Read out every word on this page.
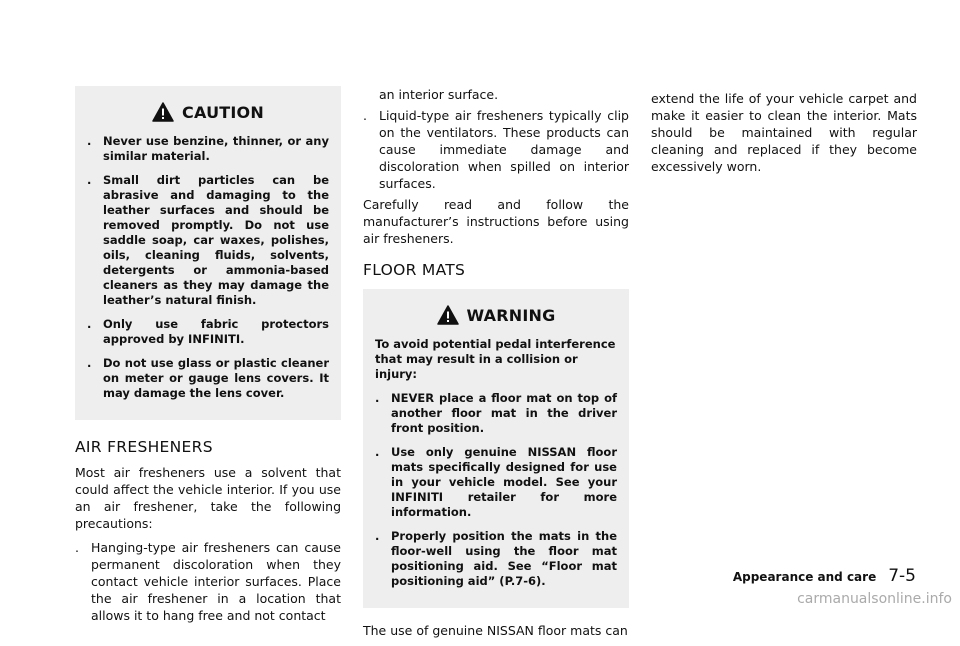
CAUTION
.	Never use benzine, thinner, or any similar material.
.	Small dirt particles can be abrasive and damaging to the leather surfaces and should be removed promptly. Do not use saddle soap, car waxes, polishes, oils, cleaning fluids, solvents, detergents or ammonia-based cleaners as they may damage the leather’s natural finish.
.	Only use fabric protectors approved by INFINITI.
.	Do not use glass or plastic cleaner on meter or gauge lens covers. It may damage the lens cover.
AIR FRESHENERS

Most air fresheners use a solvent that could affect the vehicle interior. If you use an air freshener, take the following precautions:

. Hanging-type air fresheners can cause permanent discoloration when they contact vehicle interior surfaces. Place the air freshener in a location that allows it to hang free and not contact
an interior surface.
. Liquid-type air fresheners typically clip on the ventilators. These products can cause immediate damage and discoloration when spilled on interior surfaces.

Carefully read and follow the manufacturer’s instructions before using air fresheners.

FLOOR MATS
WARNING

To avoid potential pedal interference that may result in a collision or injury:

.	NEVER place a floor mat on top of another floor mat in the driver front position.
.	Use only genuine NISSAN floor mats specifically designed for use in your vehicle model. See your INFINITI retailer for more information.
.	Properly position the mats in the floor-well using the floor mat positioning aid. See “Floor mat positioning aid” (P.7-6).

The use of genuine NISSAN floor mats can

extend the life of your vehicle carpet and make it easier to clean the interior. Mats should be maintained with regular cleaning and replaced if they become excessively worn.

Appearance and care 7-5
carmanualsonline.info
